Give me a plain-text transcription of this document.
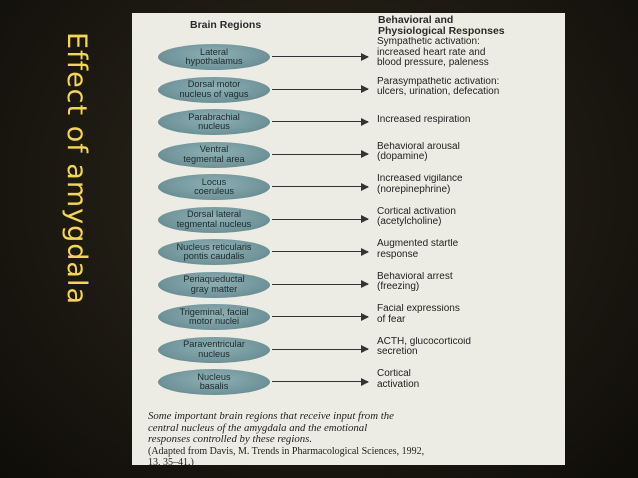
Effect of amygdala
Brain Regions	Behavioral and
Physiological Responses
Lateral
hypothalamus
Sympathetic activation:
increased heart rate and
blood pressure, paleness
Dorsal motor
nucleus of vagus
Parasympathetic activation:
ulcers, urination, defecation
Parabrachial
nucleus
Increased respiration
Ventral
tegmental area
Behavioral arousal
(dopamine)
Locus
coeruleus
Increased vigilance
(norepinephrine)
Dorsal lateral
tegmental nucleus
Cortical activation
(acetylcholine)
Nucleus reticularis
pontis caudalis
Augmented startle
response
Periaqueductal
gray matter
Behavioral arrest
(freezing)
Trigeminal, facial
motor nuclei
Facial expressions
of fear
Paraventricular
nucleus
ACTH, glucocorticoid
secretion
Nucleus
basalis
Cortical
activation
Some important brain regions that receive input from the
central nucleus of the amygdala and the emotional
responses controlled by these regions.
(Adapted from Davis, M. Trends in Pharmacological Sciences, 1992,
13, 35–41.)
